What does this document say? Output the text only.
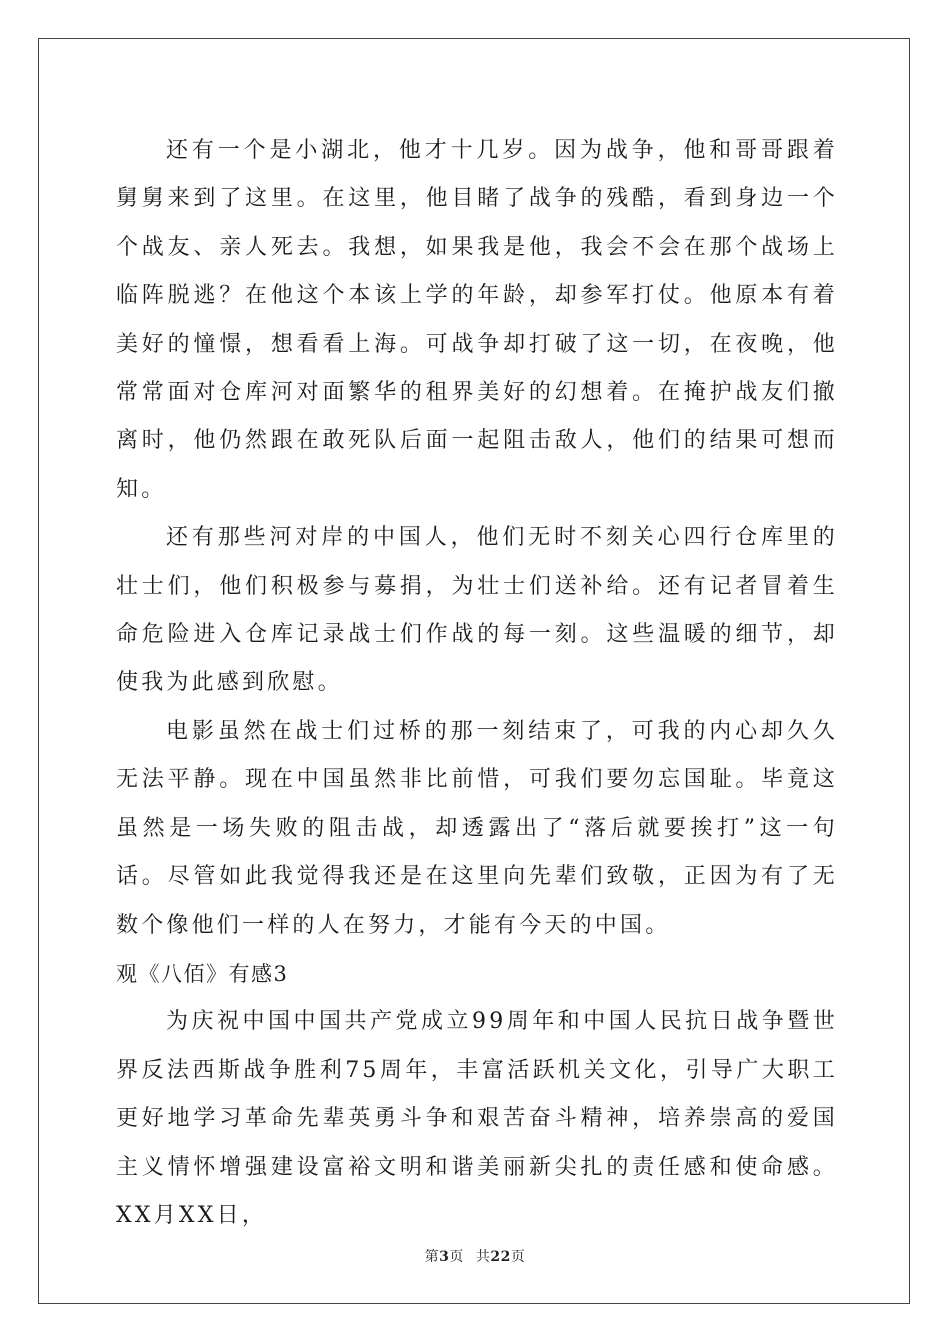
还有一个是小湖北，他才十几岁。因为战争，他和哥哥跟着舅舅来到了这里。在这里，他目睹了战争的残酷，看到身边一个个战友、亲人死去。我想，如果我是他，我会不会在那个战场上临阵脱逃？在他这个本该上学的年龄，却参军打仗。他原本有着美好的憧憬，想看看上海。可战争却打破了这一切，在夜晚，他常常面对仓库河对面繁华的租界美好的幻想着。在掩护战友们撤离时，他仍然跟在敢死队后面一起阻击敌人，他们的结果可想而知。

还有那些河对岸的中国人，他们无时不刻关心四行仓库里的壮士们，他们积极参与募捐，为壮士们送补给。还有记者冒着生命危险进入仓库记录战士们作战的每一刻。这些温暖的细节，却使我为此感到欣慰。

电影虽然在战士们过桥的那一刻结束了，可我的内心却久久无法平静。现在中国虽然非比前惜，可我们要勿忘国耻。毕竟这虽然是一场失败的阻击战，却透露出了“落后就要挨打”这一句话。尽管如此我觉得我还是在这里向先辈们致敬，正因为有了无数个像他们一样的人在努力，才能有今天的中国。

观《八佰》有感3

为庆祝中国中国共产党成立99周年和中国人民抗日战争暨世界反法西斯战争胜利75周年，丰富活跃机关文化，引导广大职工更好地学习革命先辈英勇斗争和艰苦奋斗精神，培养崇高的爱国主义情怀增强建设富裕文明和谐美丽新尖扎的责任感和使命感。XX月XX日，

第3页 共22页
